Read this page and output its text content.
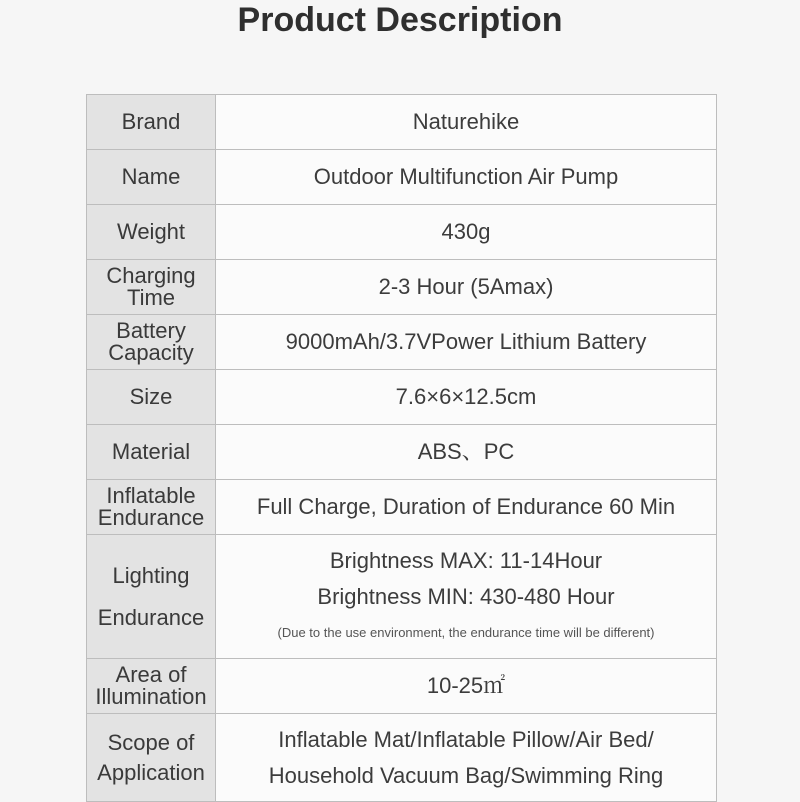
Product Description
Brand	Naturehike
Name	Outdoor Multifunction Air Pump
Weight	430g

Charging
Time	2-3 Hour (5Amax)

Battery
Capacity	9000mAh/3.7VPower Lithium Battery
Size	7.6×6×12.5cm
Material	ABS、PC

Inflatable
Endurance	Full Charge, Duration of Endurance 60 Min

Lighting
Endurance	Brightness MAX: 11-14Hour
Brightness MIN: 430-480 Hour
(Due to the use environment, the endurance time will be different)

Area of
Illumination	10-25㎡

Scope of
Application	Inflatable Mat/Inflatable Pillow/Air Bed/
Household Vacuum Bag/Swimming Ring
